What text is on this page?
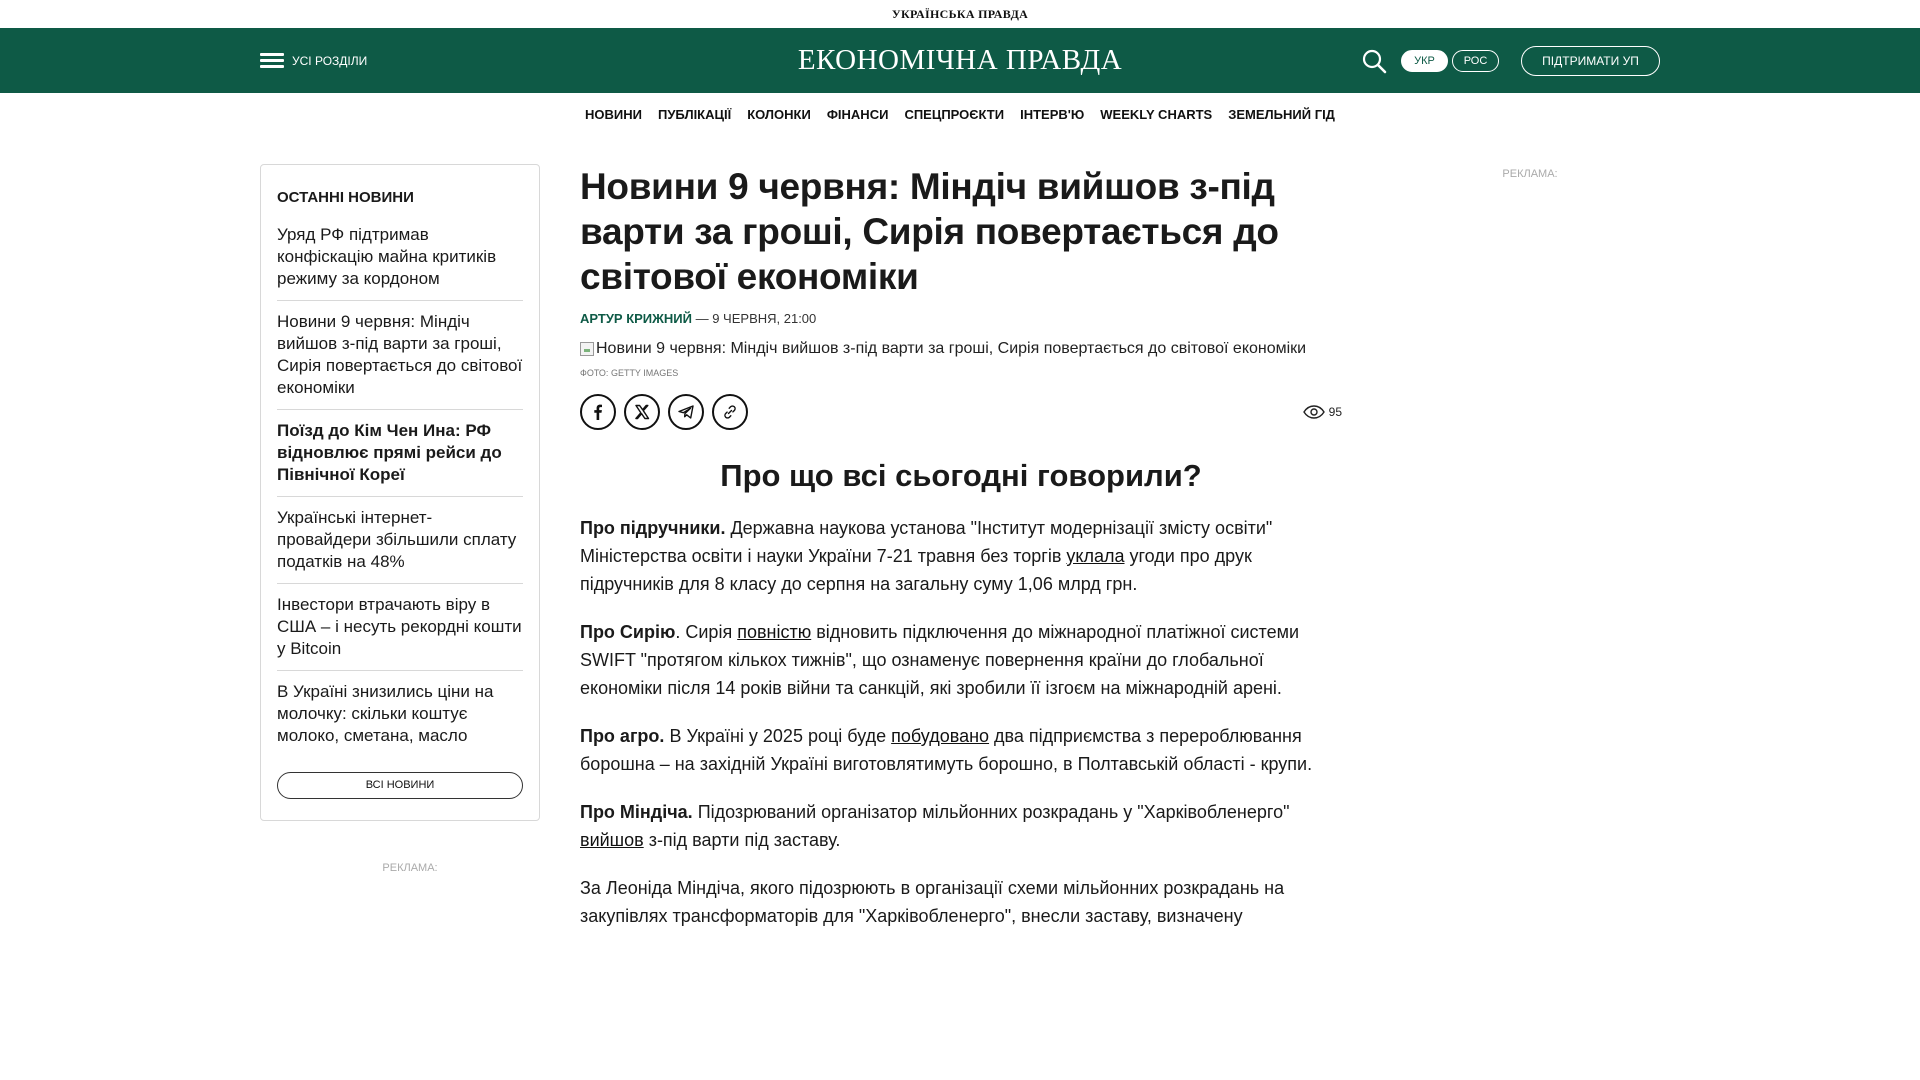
УКРАЇНСЬКА ПРАВДА
УСІ РОЗДІЛИ	ЕКОНОМІЧНА ПРАВДА	УКР	РОС	ПІДТРИМАТИ УП
НОВИНИ ПУБЛІКАЦІЇ КОЛОНКИ ФІНАНСИ СПЕЦПРОЄКТИ ІНТЕРВ'Ю WEEKLY CHARTS ЗЕМЕЛЬНИЙ ГІД
ОСТАННІ НОВИНИ
Уряд РФ підтримав конфіскацію майна критиків режиму за кордоном
Новини 9 червня: Міндіч вийшов з-під варти за гроші, Сирія повертається до світової економіки
Поїзд до Кім Чен Ина: РФ відновлює прямі рейси до Північної Кореї
Українські інтернет-провайдери збільшили сплату податків на 48%
Інвестори втрачають віру в США – і несуть рекордні кошти у Bitcoin
В Україні знизились ціни на молочку: скільки коштує молоко, сметана, масло
ВСІ НОВИНИ
РЕКЛАМА:
РЕКЛАМА:
Новини 9 червня: Міндіч вийшов з-під варти за гроші, Сирія повертається до світової економіки
АРТУР КРИЖНИЙ — 9 ЧЕРВНЯ, 21:00
Новини 9 червня: Міндіч вийшов з-під варти за гроші, Сирія повертається до світової економіки
ФОТО: GETTY IMAGES
95
Про що всі сьогодні говорили?

Про підручники. Державна наукова установа "Інститут модернізації змісту освіти" Міністерства освіти і науки України 7-21 травня без торгів уклала угоди про друк підручників для 8 класу до серпня на загальну суму 1,06 млрд грн.

Про Сирію. Сирія повністю відновить підключення до міжнародної платіжної системи SWIFT "протягом кількох тижнів", що ознаменує повернення країни до глобальної економіки після 14 років війни та санкцій, які зробили її ізгоєм на міжнародній арені.

Про агро. В Україні у 2025 році буде побудовано два підприємства з перероблювання борошна – на західній Україні виготовлятимуть борошно, в Полтавській області - крупи.

Про Міндіча. Підозрюваний організатор мільйонних розкрадань у "Харківобленерго" вийшов з-під варти під заставу.

За Леоніда Міндіча, якого підозрюють в організації схеми мільйонних розкрадань на закупівлях трансформаторів для "Харківобленерго", внесли заставу, визначену
